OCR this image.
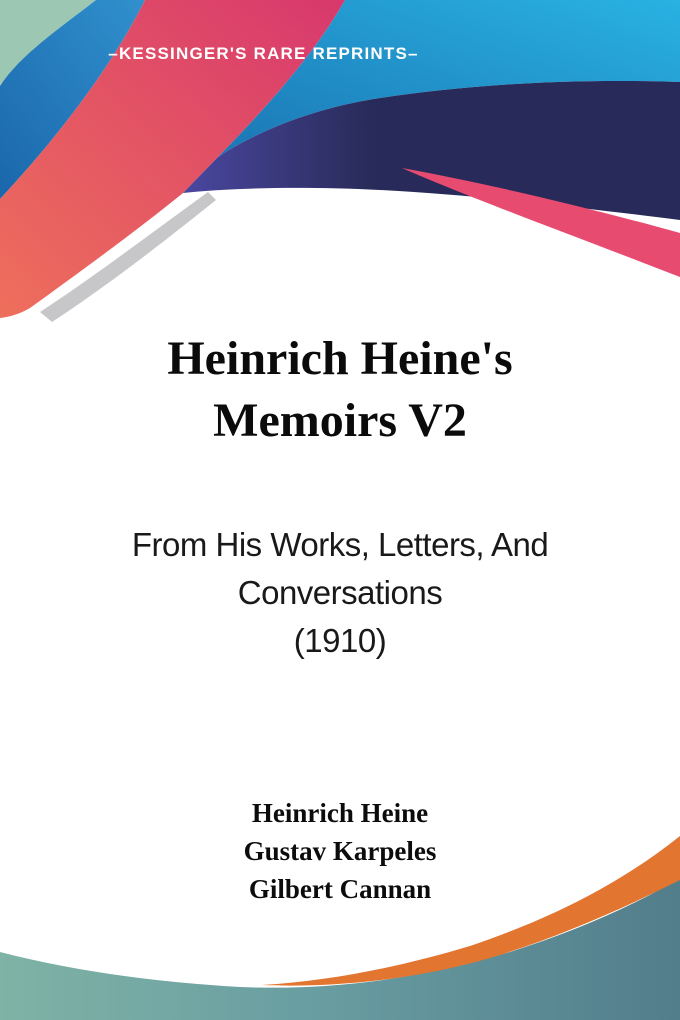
–KESSINGER'S RARE REPRINTS–
Heinrich Heine's
Memoirs V2
From His Works, Letters, And
Conversations
(1910)
Heinrich Heine
Gustav Karpeles
Gilbert Cannan
